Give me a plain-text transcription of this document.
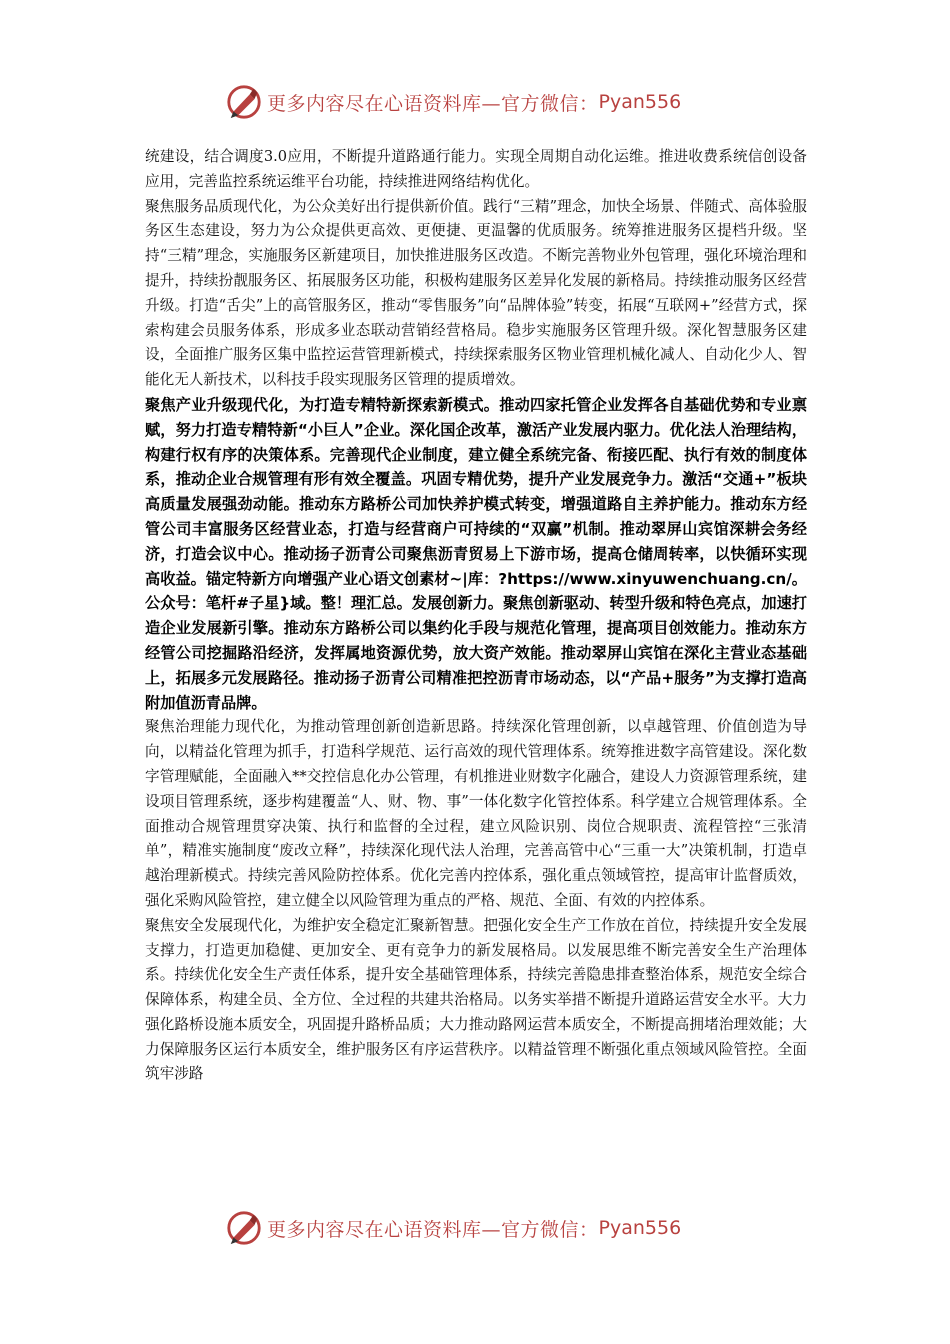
更多内容尽在心语资料库—官方微信： Pyan556

统建设，结合调度3.0应用，不断提升道路通行能力。实现全周期自动化运维。推进收费系统信创设备应用，完善监控系统运维平台功能，持续推进网络结构优化。

聚焦服务品质现代化，为公众美好出行提供新价值。践行“三精”理念，加快全场景、伴随式、高体验服务区生态建设，努力为公众提供更高效、更便捷、更温馨的优质服务。统筹推进服务区提档升级。坚持“三精”理念，实施服务区新建项目，加快推进服务区改造。不断完善物业外包管理，强化环境治理和提升，持续扮靓服务区、拓展服务区功能，积极构建服务区差异化发展的新格局。持续推动服务区经营升级。打造“舌尖”上的高管服务区，推动“零售服务”向“品牌体验”转变，拓展“互联网+”经营方式，探索构建会员服务体系，形成多业态联动营销经营格局。稳步实施服务区管理升级。深化智慧服务区建设，全面推广服务区集中监控运营管理新模式，持续探索服务区物业管理机械化减人、自动化少人、智能化无人新技术，以科技手段实现服务区管理的提质增效。

聚焦产业升级现代化，为打造专精特新探索新模式。推动四家托管企业发挥各自基础优势和专业禀赋，努力打造专精特新“小巨人”企业。深化国企改革，激活产业发展内驱力。优化法人治理结构，构建行权有序的决策体系。完善现代企业制度，建立健全系统完备、衔接匹配、执行有效的制度体系，推动企业合规管理有形有效全覆盖。巩固专精优势，提升产业发展竞争力。激活“交通+”板块高质量发展强劲动能。推动东方路桥公司加快养护模式转变，增强道路自主养护能力。推动东方经管公司丰富服务区经营业态，打造与经营商户可持续的“双赢”机制。推动翠屏山宾馆深耕会务经济，打造会议中心。推动扬子沥青公司聚焦沥青贸易上下游市场，提高仓储周转率，以快循环实现高收益。锚定特新方向增强产业心语文创素材~|库：?https://www.xinyuwenchuang.cn/。公众号：笔杆#子星}域。整！理汇总。发展创新力。聚焦创新驱动、转型升级和特色亮点，加速打造企业发展新引擎。推动东方路桥公司以集约化手段与规范化管理，提高项目创效能力。推动东方经管公司挖掘路沿经济，发挥属地资源优势，放大资产效能。推动翠屏山宾馆在深化主营业态基础上，拓展多元发展路径。推动扬子沥青公司精准把控沥青市场动态，以“产品+服务”为支撑打造高附加值沥青品牌。

聚焦治理能力现代化，为推动管理创新创造新思路。持续深化管理创新，以卓越管理、价值创造为导向，以精益化管理为抓手，打造科学规范、运行高效的现代管理体系。统筹推进数字高管建设。深化数字管理赋能，全面融入**交控信息化办公管理，有机推进业财数字化融合，建设人力资源管理系统，建设项目管理系统，逐步构建覆盖“人、财、物、事”一体化数字化管控体系。科学建立合规管理体系。全面推动合规管理贯穿决策、执行和监督的全过程，建立风险识别、岗位合规职责、流程管控“三张清单”，精准实施制度“废改立释”，持续深化现代法人治理，完善高管中心“三重一大”决策机制，打造卓越治理新模式。持续完善风险防控体系。优化完善内控体系，强化重点领域管控，提高审计监督质效，强化采购风险管控，建立健全以风险管理为重点的严格、规范、全面、有效的内控体系。

聚焦安全发展现代化，为维护安全稳定汇聚新智慧。把强化安全生产工作放在首位，持续提升安全发展支撑力，打造更加稳健、更加安全、更有竞争力的新发展格局。以发展思维不断完善安全生产治理体系。持续优化安全生产责任体系，提升安全基础管理体系，持续完善隐患排查整治体系，规范安全综合保障体系，构建全员、全方位、全过程的共建共治格局。以务实举措不断提升道路运营安全水平。大力强化路桥设施本质安全，巩固提升路桥品质；大力推动路网运营本质安全，不断提高拥堵治理效能；大力保障服务区运行本质安全，维护服务区有序运营秩序。以精益管理不断强化重点领域风险管控。全面筑牢涉路

更多内容尽在心语资料库—官方微信： Pyan556
